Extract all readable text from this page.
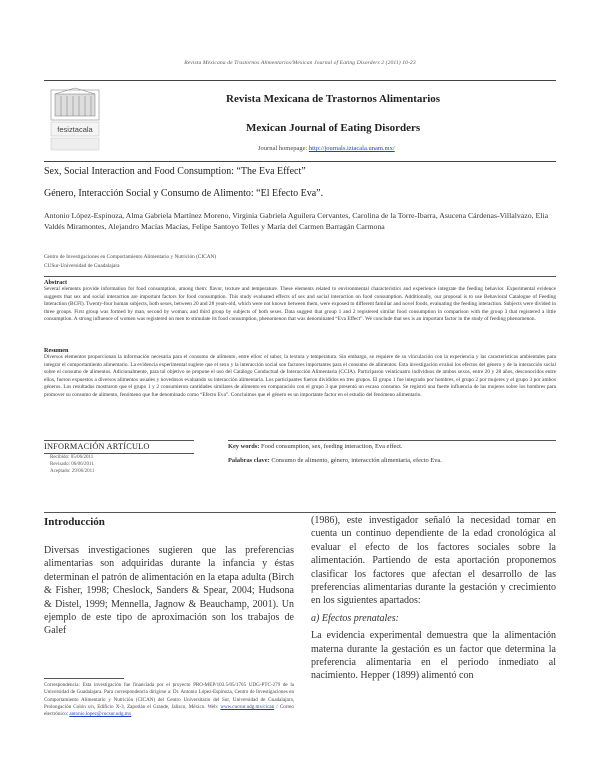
Revista Mexicana de Trastornos Alimentarios/Mexican Journal of Eating Disorders 2 (2011) 10-23
fesiztacala
Revista Mexicana de Trastornos Alimentarios
Mexican Journal of Eating Disorders
Journal homepage: http://journals.iztacala.unam.mx/
Sex, Social Interaction and Food Consumption: “The Eva Effect”
Género, Interacción Social y Consumo de Alimento: “El Efecto Eva”.
Antonio López-Espinoza, Alma Gabriela Martínez Moreno, Virginia Gabriela Aguilera Cervantes, Carolina de la Torre-Ibarra, Asucena Cárdenas-Villalvazo, Elia Valdés Miramontes, Alejandro Macías Macías, Felipe Santoyo Telles y María del Carmen Barragán Carmona
Centro de Investigaciones en Comportamiento Alimentario y Nutrición (CICAN)
CUSur-Universidad de Guadalajara
Abstract
Several elements provide information for food consumption, among them: flavor, texture and temperature. These elements related to environmental characteristics and experience integrate the feeding behavior. Experimental evidence suggests that sex and social interaction are important factors for food consumption. This study evaluated effects of sex and social interaction on food consumption. Additionally, our proposal is to use Behavioral Catalogue of Feeding Interaction (BCFI). Twenty-four human subjects, both sexes, between 20 and 28 years-old, which were not known between them, were exposed to different familiar and novel foods, evaluating the feeding interaction. Subjects were divided in three groups. First group was formed by man, second by woman; and third group by subjects of both sexes. Data suggest that group 1 and 2 registered similar food consumption in comparison with the group 3 that registered a little consumption. A strong influence of women was registered on men to stimulate its food consumption, phenomenon that was denominated “Eva Effect”. We conclude that sex is an important factor in the study of feeding phenomenon.
Resumen
Diversos elementos proporcionan la información necesaria para el consumo de alimento, entre ellos: el sabor, la textura y temperatura. Sin embargo, se requiere de su vinculación con la experiencia y las características ambientales para integrar el comportamiento alimentario. La evidencia experimental sugiere que el sexo y la interacción social son factores importantes para el consumo de alimentos. Esta investigación evaluó los efectos del género y de la interacción social sobre el consumo de alimentos. Adicionalmente, para tal objetivo se propone el uso del Catálogo Conductual de Interacción Alimentaria (CCIA). Participaron veinticuatro individuos de ambos sexos, entre 20 y 28 años, desconocidos entre ellos, fueron expuestos a diversos alimentos usuales y novedosos evaluando su interacción alimentaria. Los participantes fueron divididos en tres grupos. El grupo 1 fue integrado por hombres, el grupo 2 por mujeres y el grupo 3 por ambos géneros. Los resultados mostraron que el grupo 1 y 2 consumieron cantidades similares de alimento en comparación con el grupo 3 que presentó un escaso consumo. Se registró una fuerte influencia de las mujeres sobre los hombres para promover su consumo de alimento, fenómeno que fue denominado como “Efecto Eva”. Concluimos que el género es un importante factor en el estudio del fenómeno alimentario.
INFORMACIÓN ARTÍCULO
Recibido: 05/06/2011
Revisado: 06/06/2011
Aceptado: 29/06/2011
Key words: Food consumption, sex, feeding interaction, Eva effect.
Palabras clave: Consumo de alimento, género, interacción alimentaria, efecto Eva.
Introducción
Diversas investigaciones sugieren que las preferencias alimentarias son adquiridas durante la infancia y éstas determinan el patrón de alimentación en la etapa adulta (Birch & Fisher, 1998; Cheslock, Sanders & Spear, 2004; Hudsona & Distel, 1999; Mennella, Jagnow & Beauchamp, 2001). Un ejemplo de este tipo de aproximación son los trabajos de Galef
(1986), este investigador señaló la necesidad tomar en cuenta un continuo dependiente de la edad cronológica al evaluar el efecto de los factores sociales sobre la alimentación. Partiendo de esta aportación proponemos clasificar los factores que afectan el desarrollo de las preferencias alimentarias durante la gestación y crecimiento en los siguientes apartados:
a) Efectos prenatales:
La evidencia experimental demuestra que la alimentación materna durante la gestación es un factor que determina la preferencia alimentaria en el periodo inmediato al nacimiento. Hepper (1899) alimentó con
Correspondencia: Esta investigación fue financiada por el proyecto PRO-MEP/103.5/05/1705 UDG-PTC-279 de la Universidad de Guadalajara. Para correspondencia dirigirse a: Dr. Antonio López-Espinoza, Centro de Investigaciones en Comportamiento Alimentario y Nutrición (CICAN) del Centro Universitario del Sur, Universidad de Guadalajara, Prolongación Colón s/n, Edificio X-3, Zapotlán el Grande, Jalisco, México. Web: www.cucsur.udg.mx/cican / Correo electrónico: antonio.lopez@cucsur.udg.mx
